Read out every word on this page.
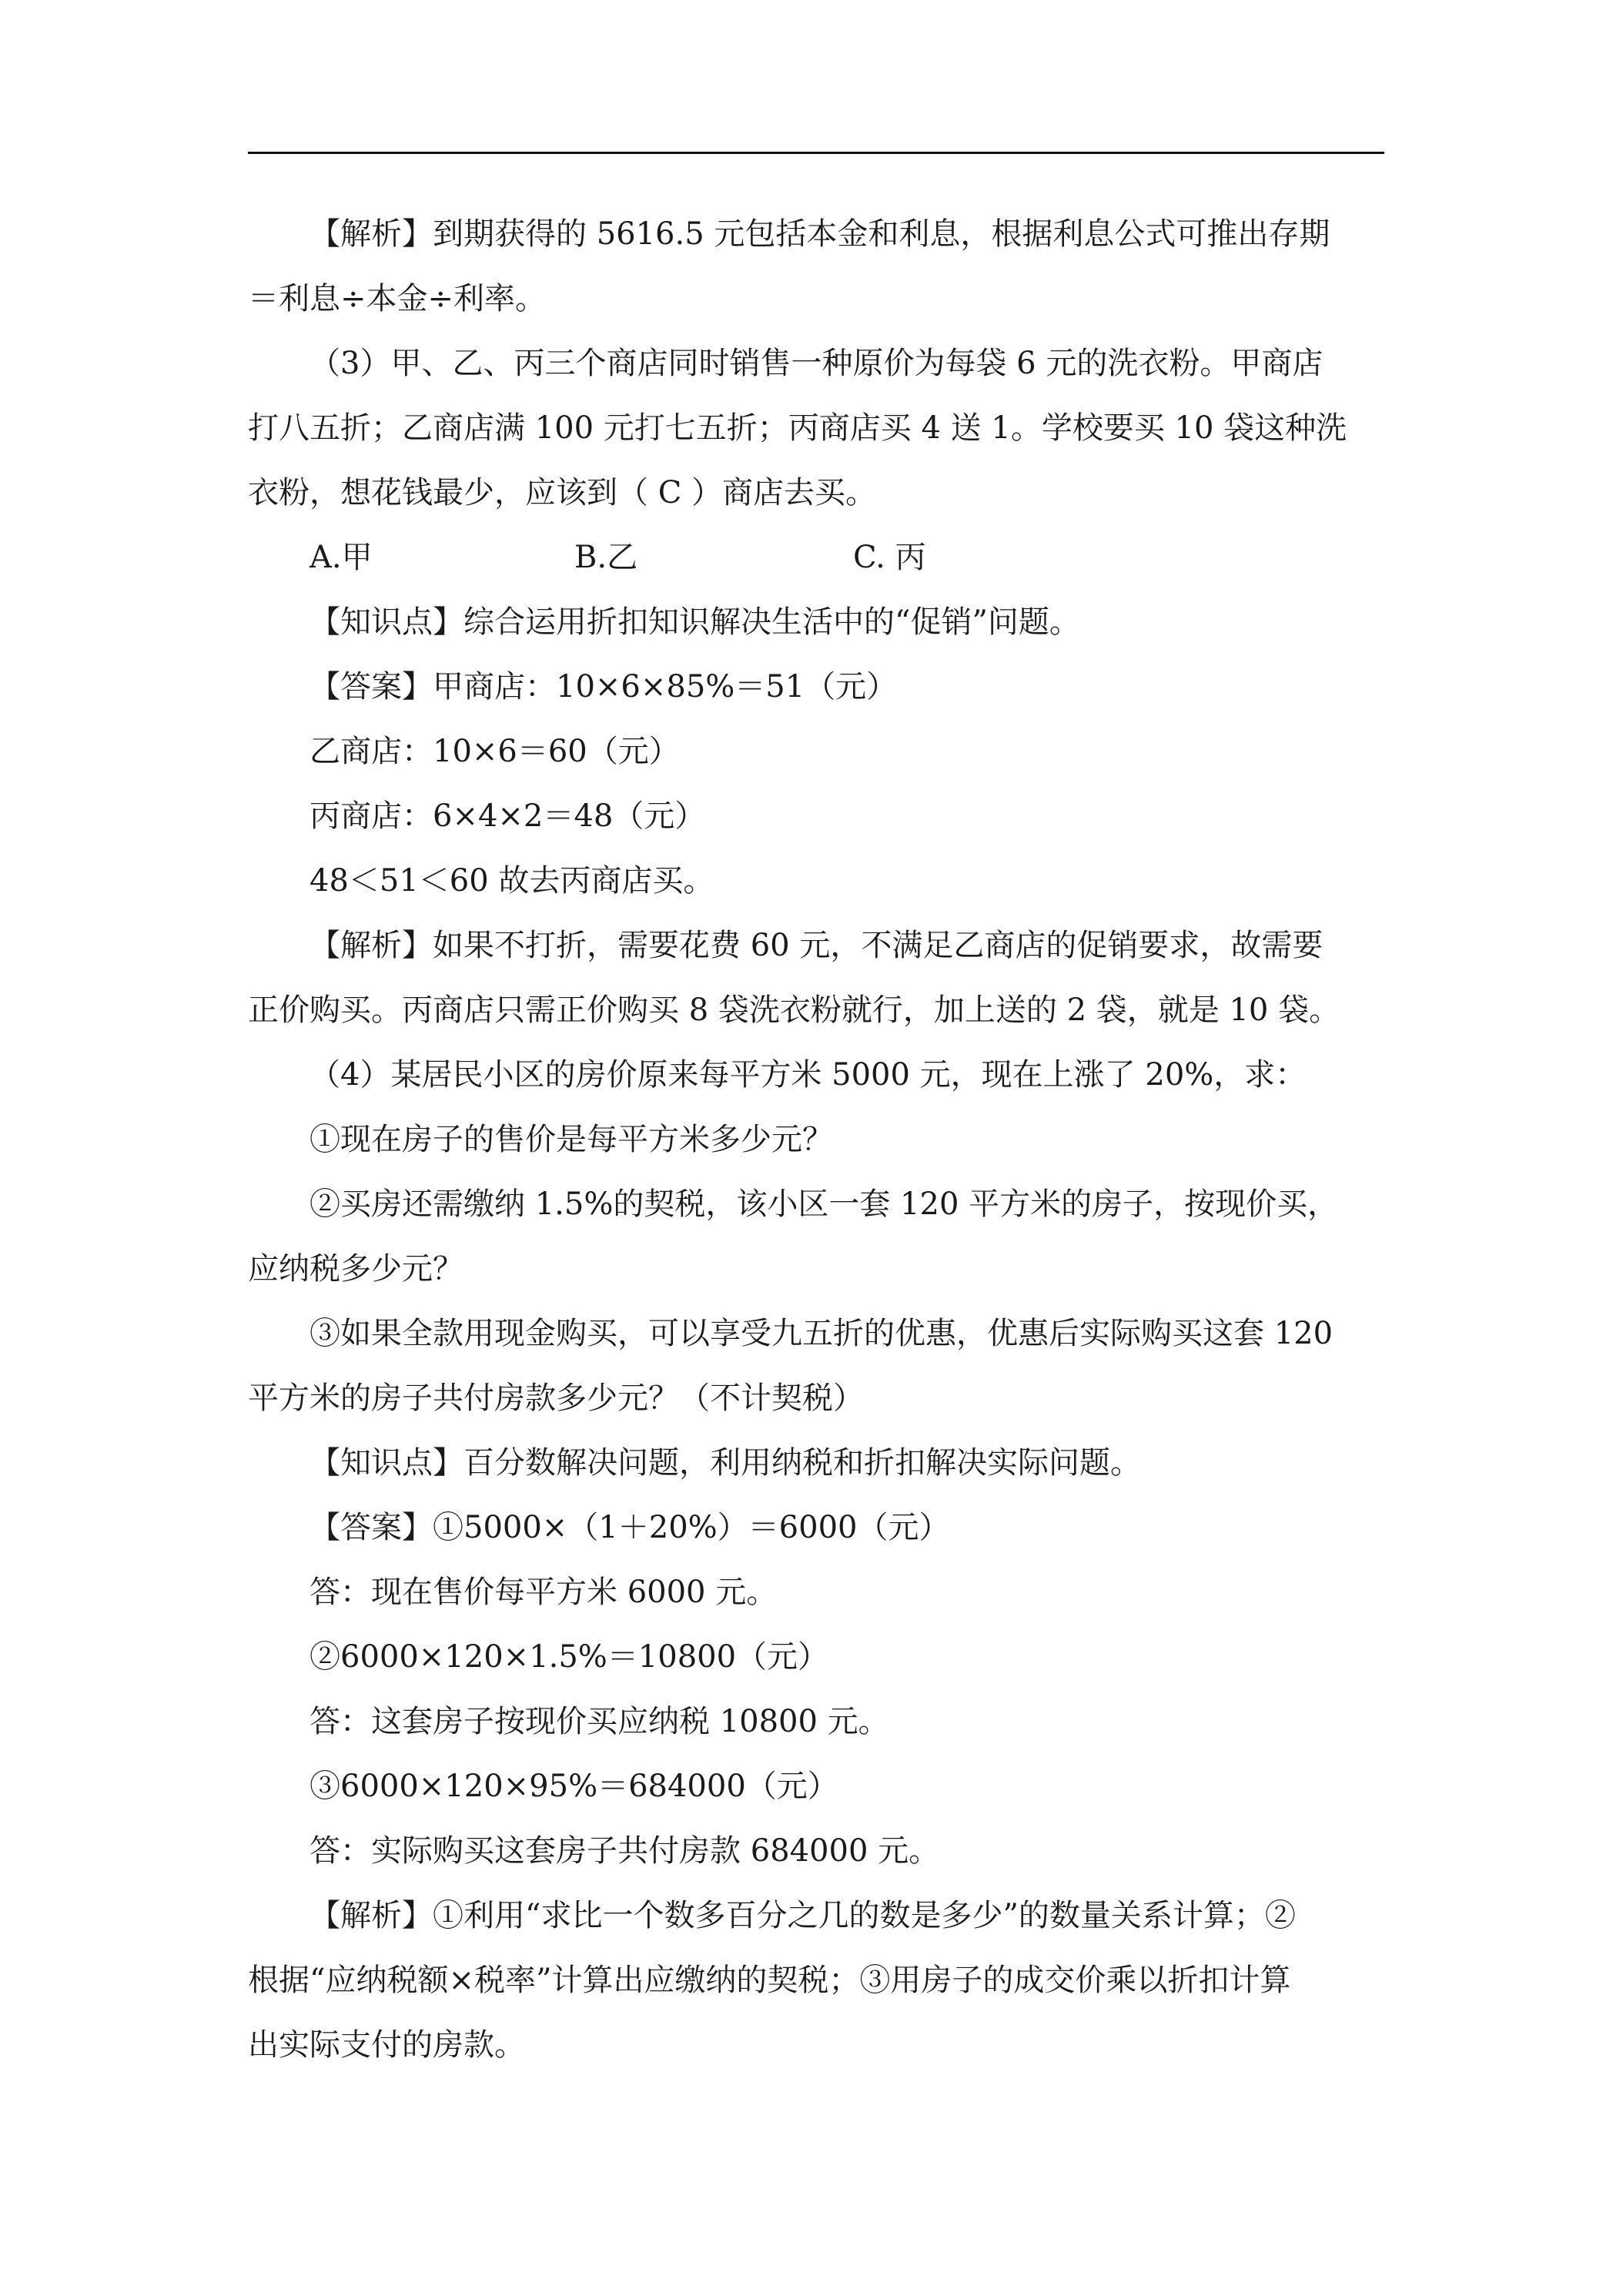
【解析】到期获得的 5616.5 元包括本金和利息，根据利息公式可推出存期
＝利息÷本金÷利率。
（3）甲、乙、丙三个商店同时销售一种原价为每袋 6 元的洗衣粉。甲商店
打八五折；乙商店满 100 元打七五折；丙商店买 4 送 1。学校要买 10 袋这种洗
衣粉，想花钱最少，应该到（ C ）商店去买。
A.甲	B.乙	C. 丙
【知识点】综合运用折扣知识解决生活中的“促销”问题。
【答案】甲商店：10×6×85%＝51（元）
乙商店：10×6＝60（元）
丙商店：6×4×2＝48（元）
48＜51＜60 故去丙商店买。
【解析】如果不打折，需要花费 60 元，不满足乙商店的促销要求，故需要
正价购买。丙商店只需正价购买 8 袋洗衣粉就行，加上送的 2 袋，就是 10 袋。
（4）某居民小区的房价原来每平方米 5000 元，现在上涨了 20%，求：
①现在房子的售价是每平方米多少元？
②买房还需缴纳 1.5%的契税，该小区一套 120 平方米的房子，按现价买，
应纳税多少元？
③如果全款用现金购买，可以享受九五折的优惠，优惠后实际购买这套 120
平方米的房子共付房款多少元？（不计契税）
【知识点】百分数解决问题，利用纳税和折扣解决实际问题。
【答案】①5000×（1＋20%）＝6000（元）
答：现在售价每平方米 6000 元。
②6000×120×1.5%＝10800（元）
答：这套房子按现价买应纳税 10800 元。
③6000×120×95%＝684000（元）
答：实际购买这套房子共付房款 684000 元。
【解析】①利用“求比一个数多百分之几的数是多少”的数量关系计算；②
根据“应纳税额×税率”计算出应缴纳的契税；③用房子的成交价乘以折扣计算
出实际支付的房款。
